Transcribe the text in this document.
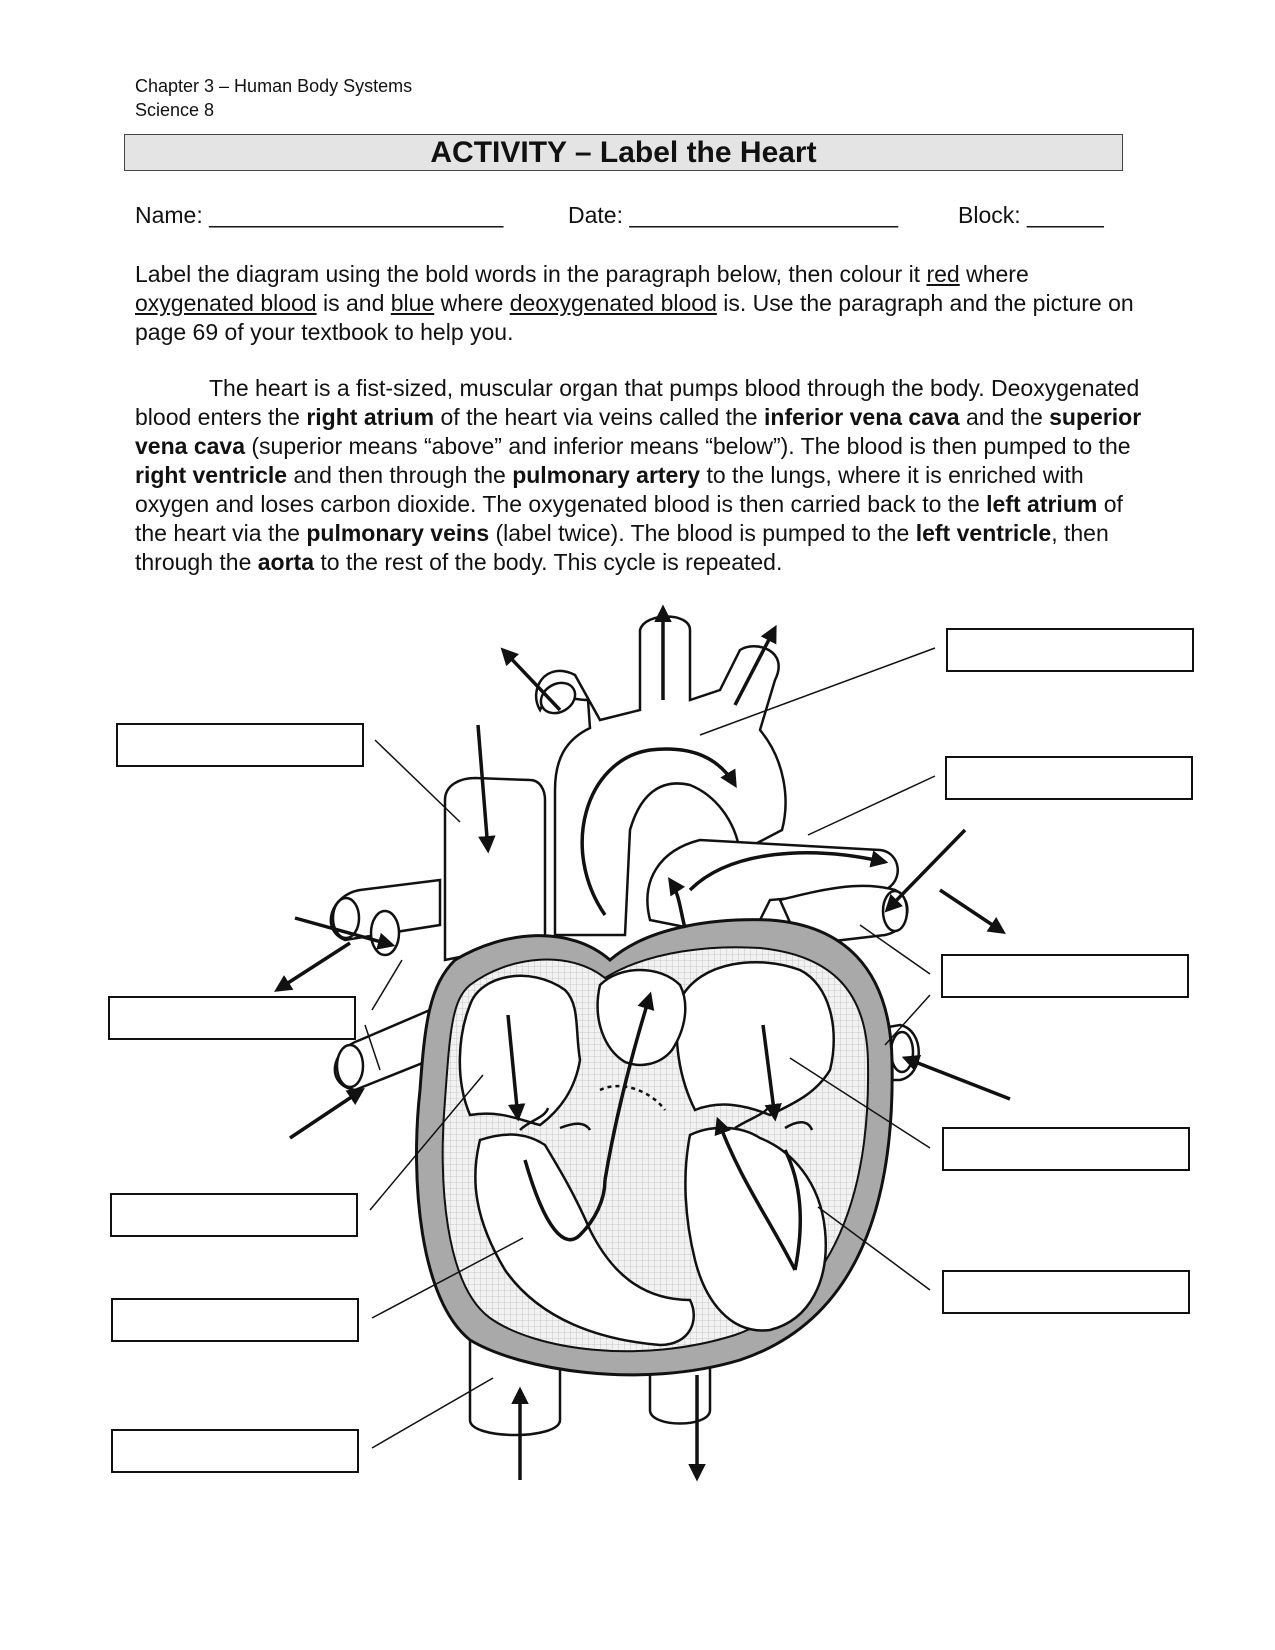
Chapter 3 – Human Body Systems
Science 8
ACTIVITY – Label the Heart
Name: _______________________	Date: _____________________	Block: ______
Label the diagram using the bold words in the paragraph below, then colour it red where oxygenated blood is and blue where deoxygenated blood is. Use the paragraph and the picture on page 69 of your textbook to help you.
The heart is a fist-sized, muscular organ that pumps blood through the body. Deoxygenated blood enters the right atrium of the heart via veins called the inferior vena cava and the superior vena cava (superior means “above” and inferior means “below”). The blood is then pumped to the right ventricle and then through the pulmonary artery to the lungs, where it is enriched with oxygen and loses carbon dioxide. The oxygenated blood is then carried back to the left atrium of the heart via the pulmonary veins (label twice). The blood is pumped to the left ventricle, then through the aorta to the rest of the body. This cycle is repeated.
